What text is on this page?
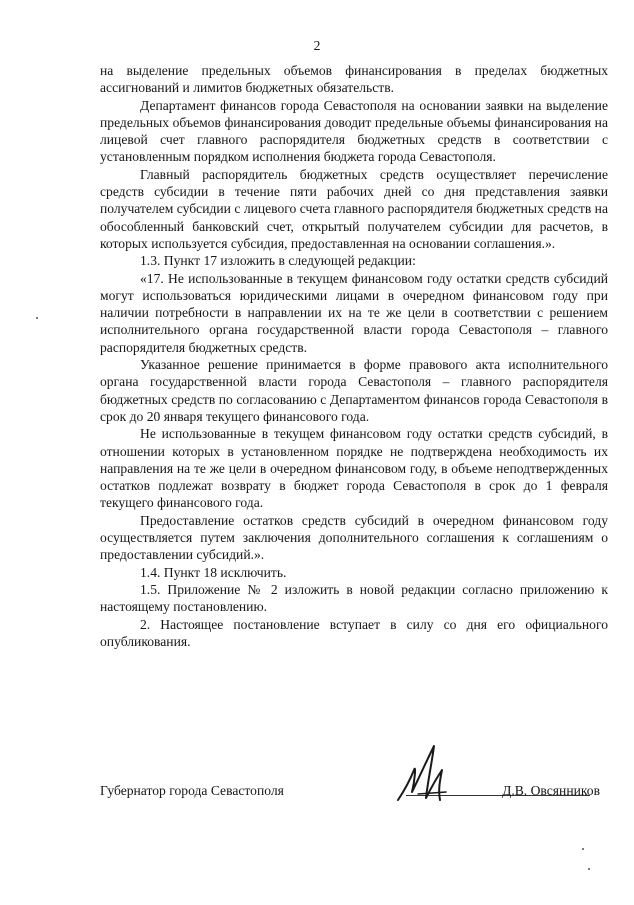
2

на выделение предельных объемов финансирования в пределах бюджетных ассигнований и лимитов бюджетных обязательств.

Департамент финансов города Севастополя на основании заявки на выделение предельных объемов финансирования доводит предельные объемы финансирования на лицевой счет главного распорядителя бюджетных средств в соответствии с установленным порядком исполнения бюджета города Севастополя.

Главный распорядитель бюджетных средств осуществляет перечисление средств субсидии в течение пяти рабочих дней со дня представления заявки получателем субсидии с лицевого счета главного распорядителя бюджетных средств на обособленный банковский счет, открытый получателем субсидии для расчетов, в которых используется субсидия, предоставленная на основании соглашения.».

1.3. Пункт 17 изложить в следующей редакции:

«17. Не использованные в текущем финансовом году остатки средств субсидий могут использоваться юридическими лицами в очередном финансовом году при наличии потребности в направлении их на те же цели в соответствии с решением исполнительного органа государственной власти города Севастополя – главного распорядителя бюджетных средств.

Указанное решение принимается в форме правового акта исполнительного органа государственной власти города Севастополя – главного распорядителя бюджетных средств по согласованию с Департаментом финансов города Севастополя в срок до 20 января текущего финансового года.

Не использованные в текущем финансовом году остатки средств субсидий, в отношении которых в установленном порядке не подтверждена необходимость их направления на те же цели в очередном финансовом году, в объеме неподтвержденных остатков подлежат возврату в бюджет города Севастополя в срок до 1 февраля текущего финансового года.

Предоставление остатков средств субсидий в очередном финансовом году осуществляется путем заключения дополнительного соглашения к соглашениям о предоставлении субсидий.».

1.4. Пункт 18 исключить.

1.5. Приложение № 2 изложить в новой редакции согласно приложению к настоящему постановлению.

2. Настоящее постановление вступает в силу со дня его официального опубликования.

Губернатор города Севастополя	Д.В. Овсянников
